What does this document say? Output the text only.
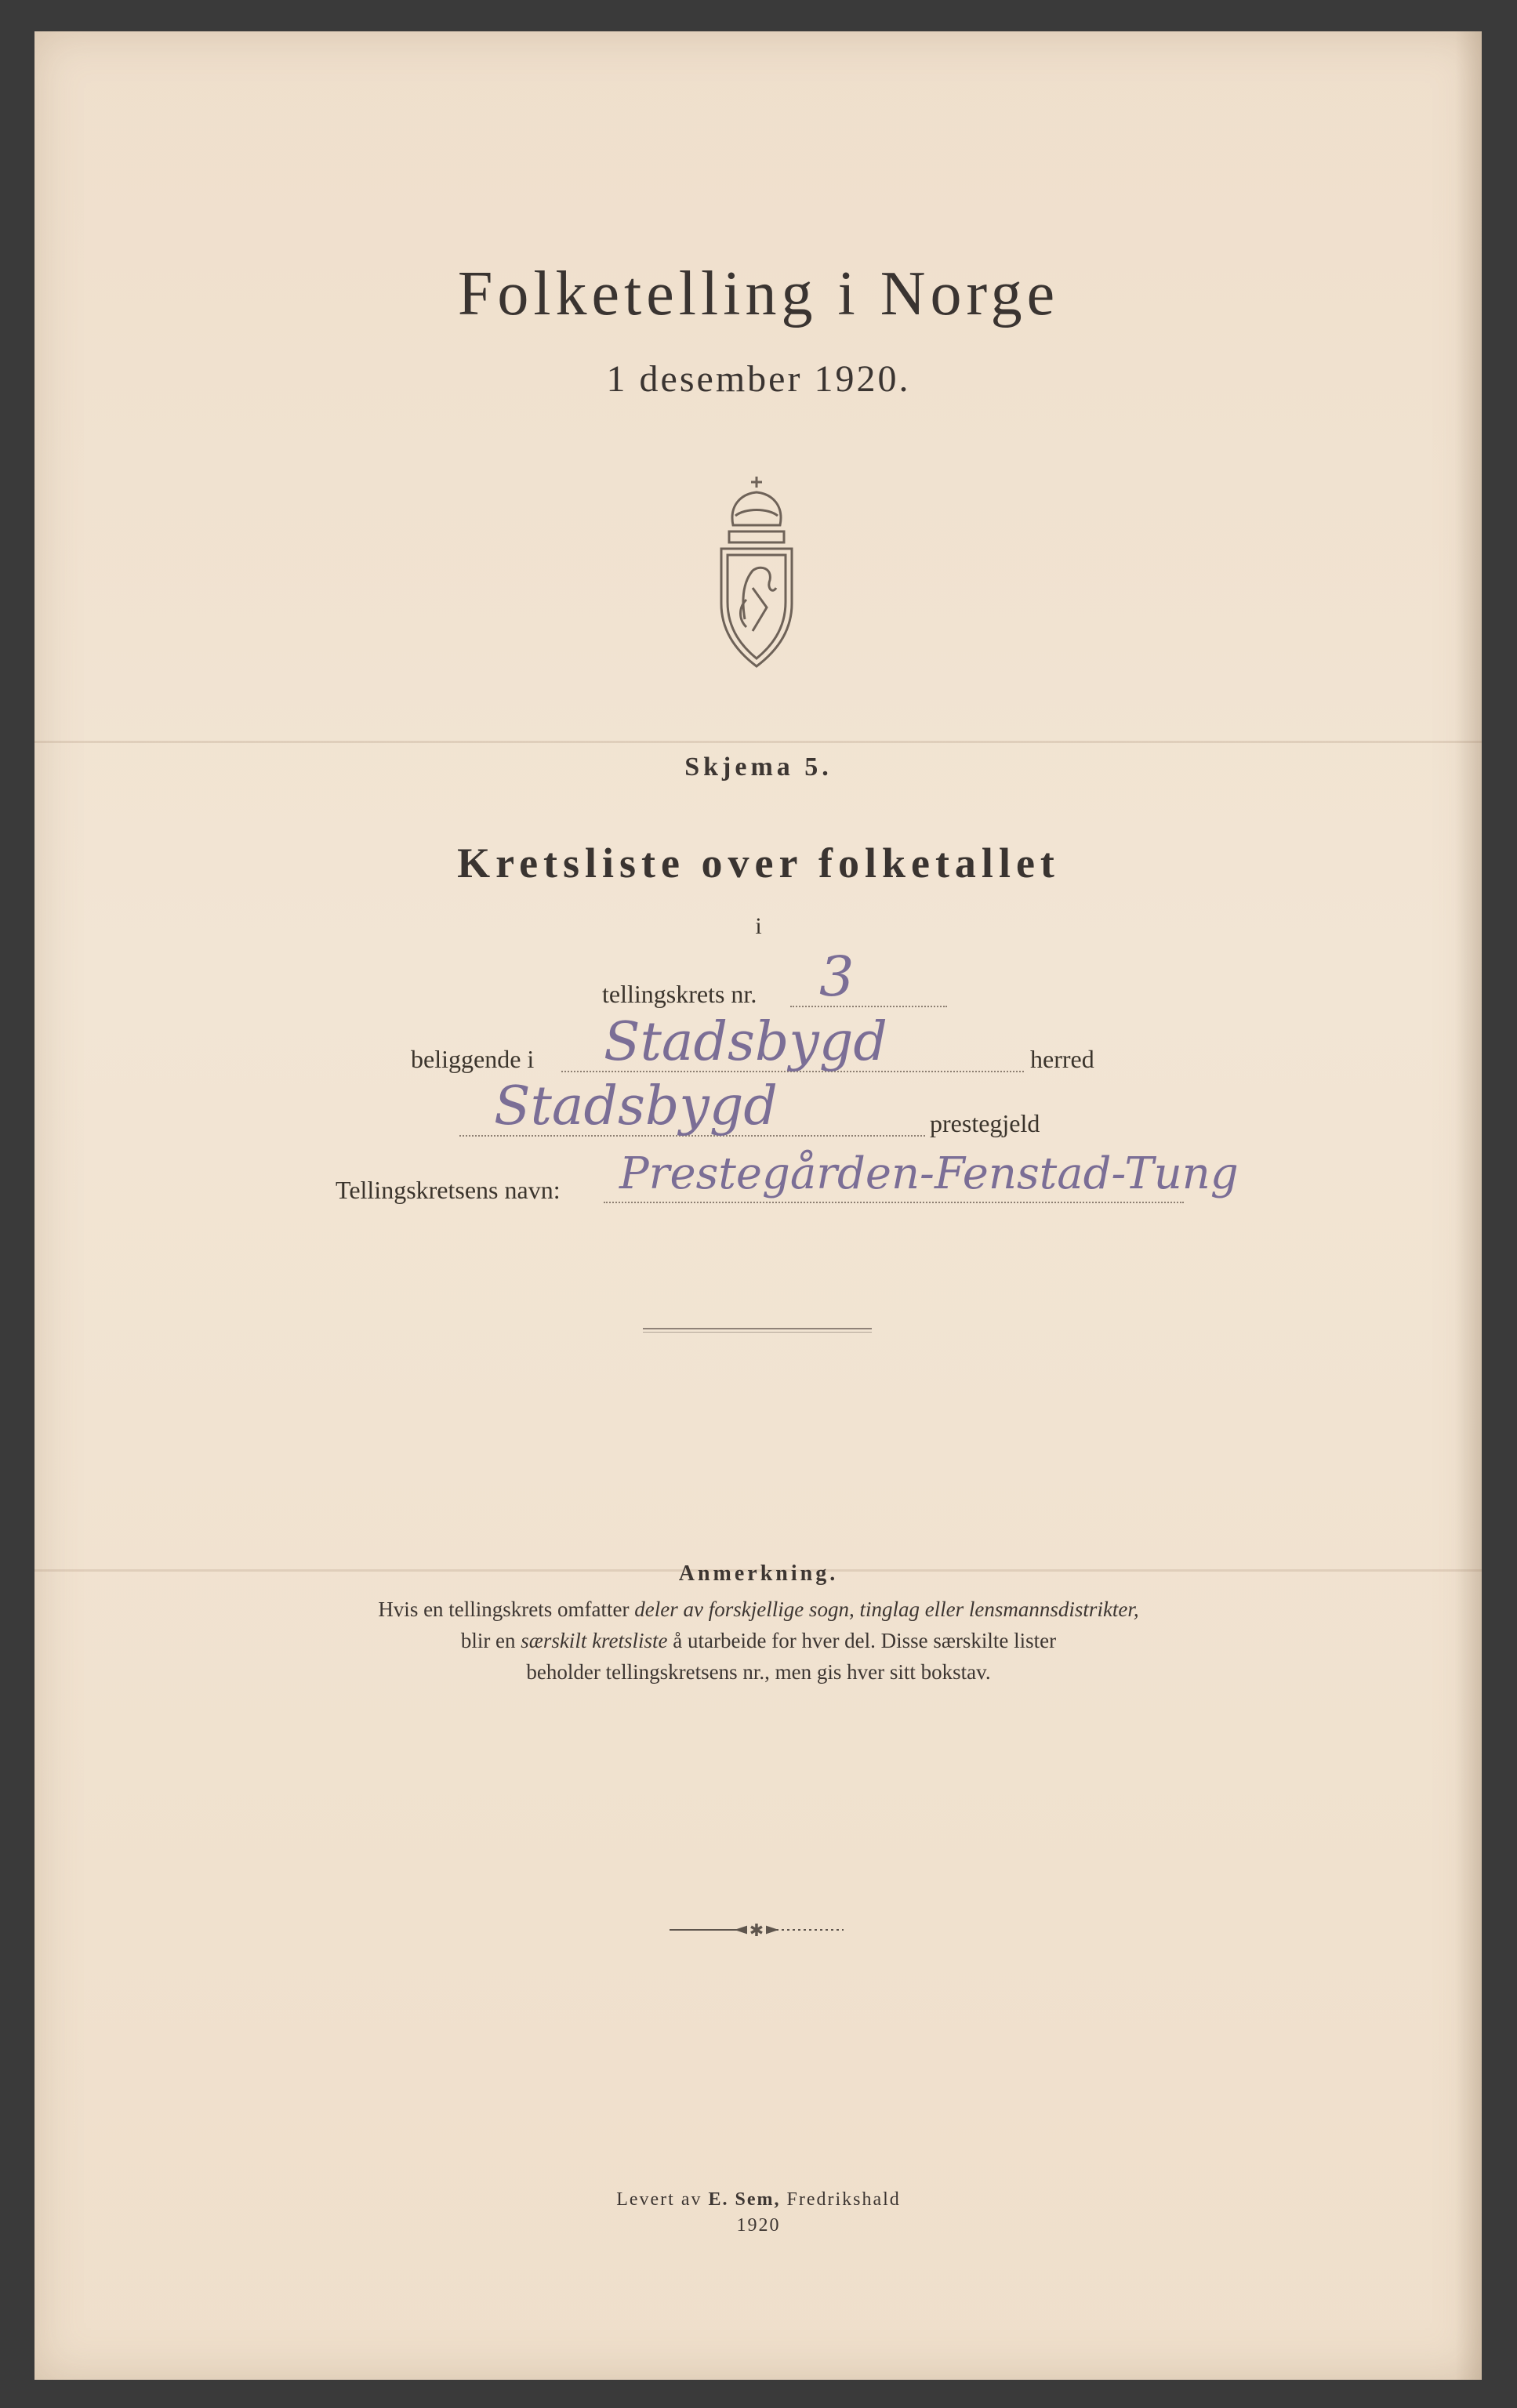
Folketelling i Norge
1 desember 1920.
Skjema 5.
Kretsliste over folketallet
i
tellingskrets nr. 3
beliggende i Stadsbygd	herred
Stadsbygd	prestegjeld
Tellingskretsens navn: Prestegården-Fenstad-Tung
Anmerkning.
Hvis en tellingskrets omfatter deler av forskjellige sogn, tinglag eller lensmannsdistrikter,
blir en særskilt kretsliste å utarbeide for hver del. Disse særskilte lister
beholder tellingskretsens nr., men gis hver sitt bokstav.
✱
Levert av E. Sem, Fredrikshald
1920
